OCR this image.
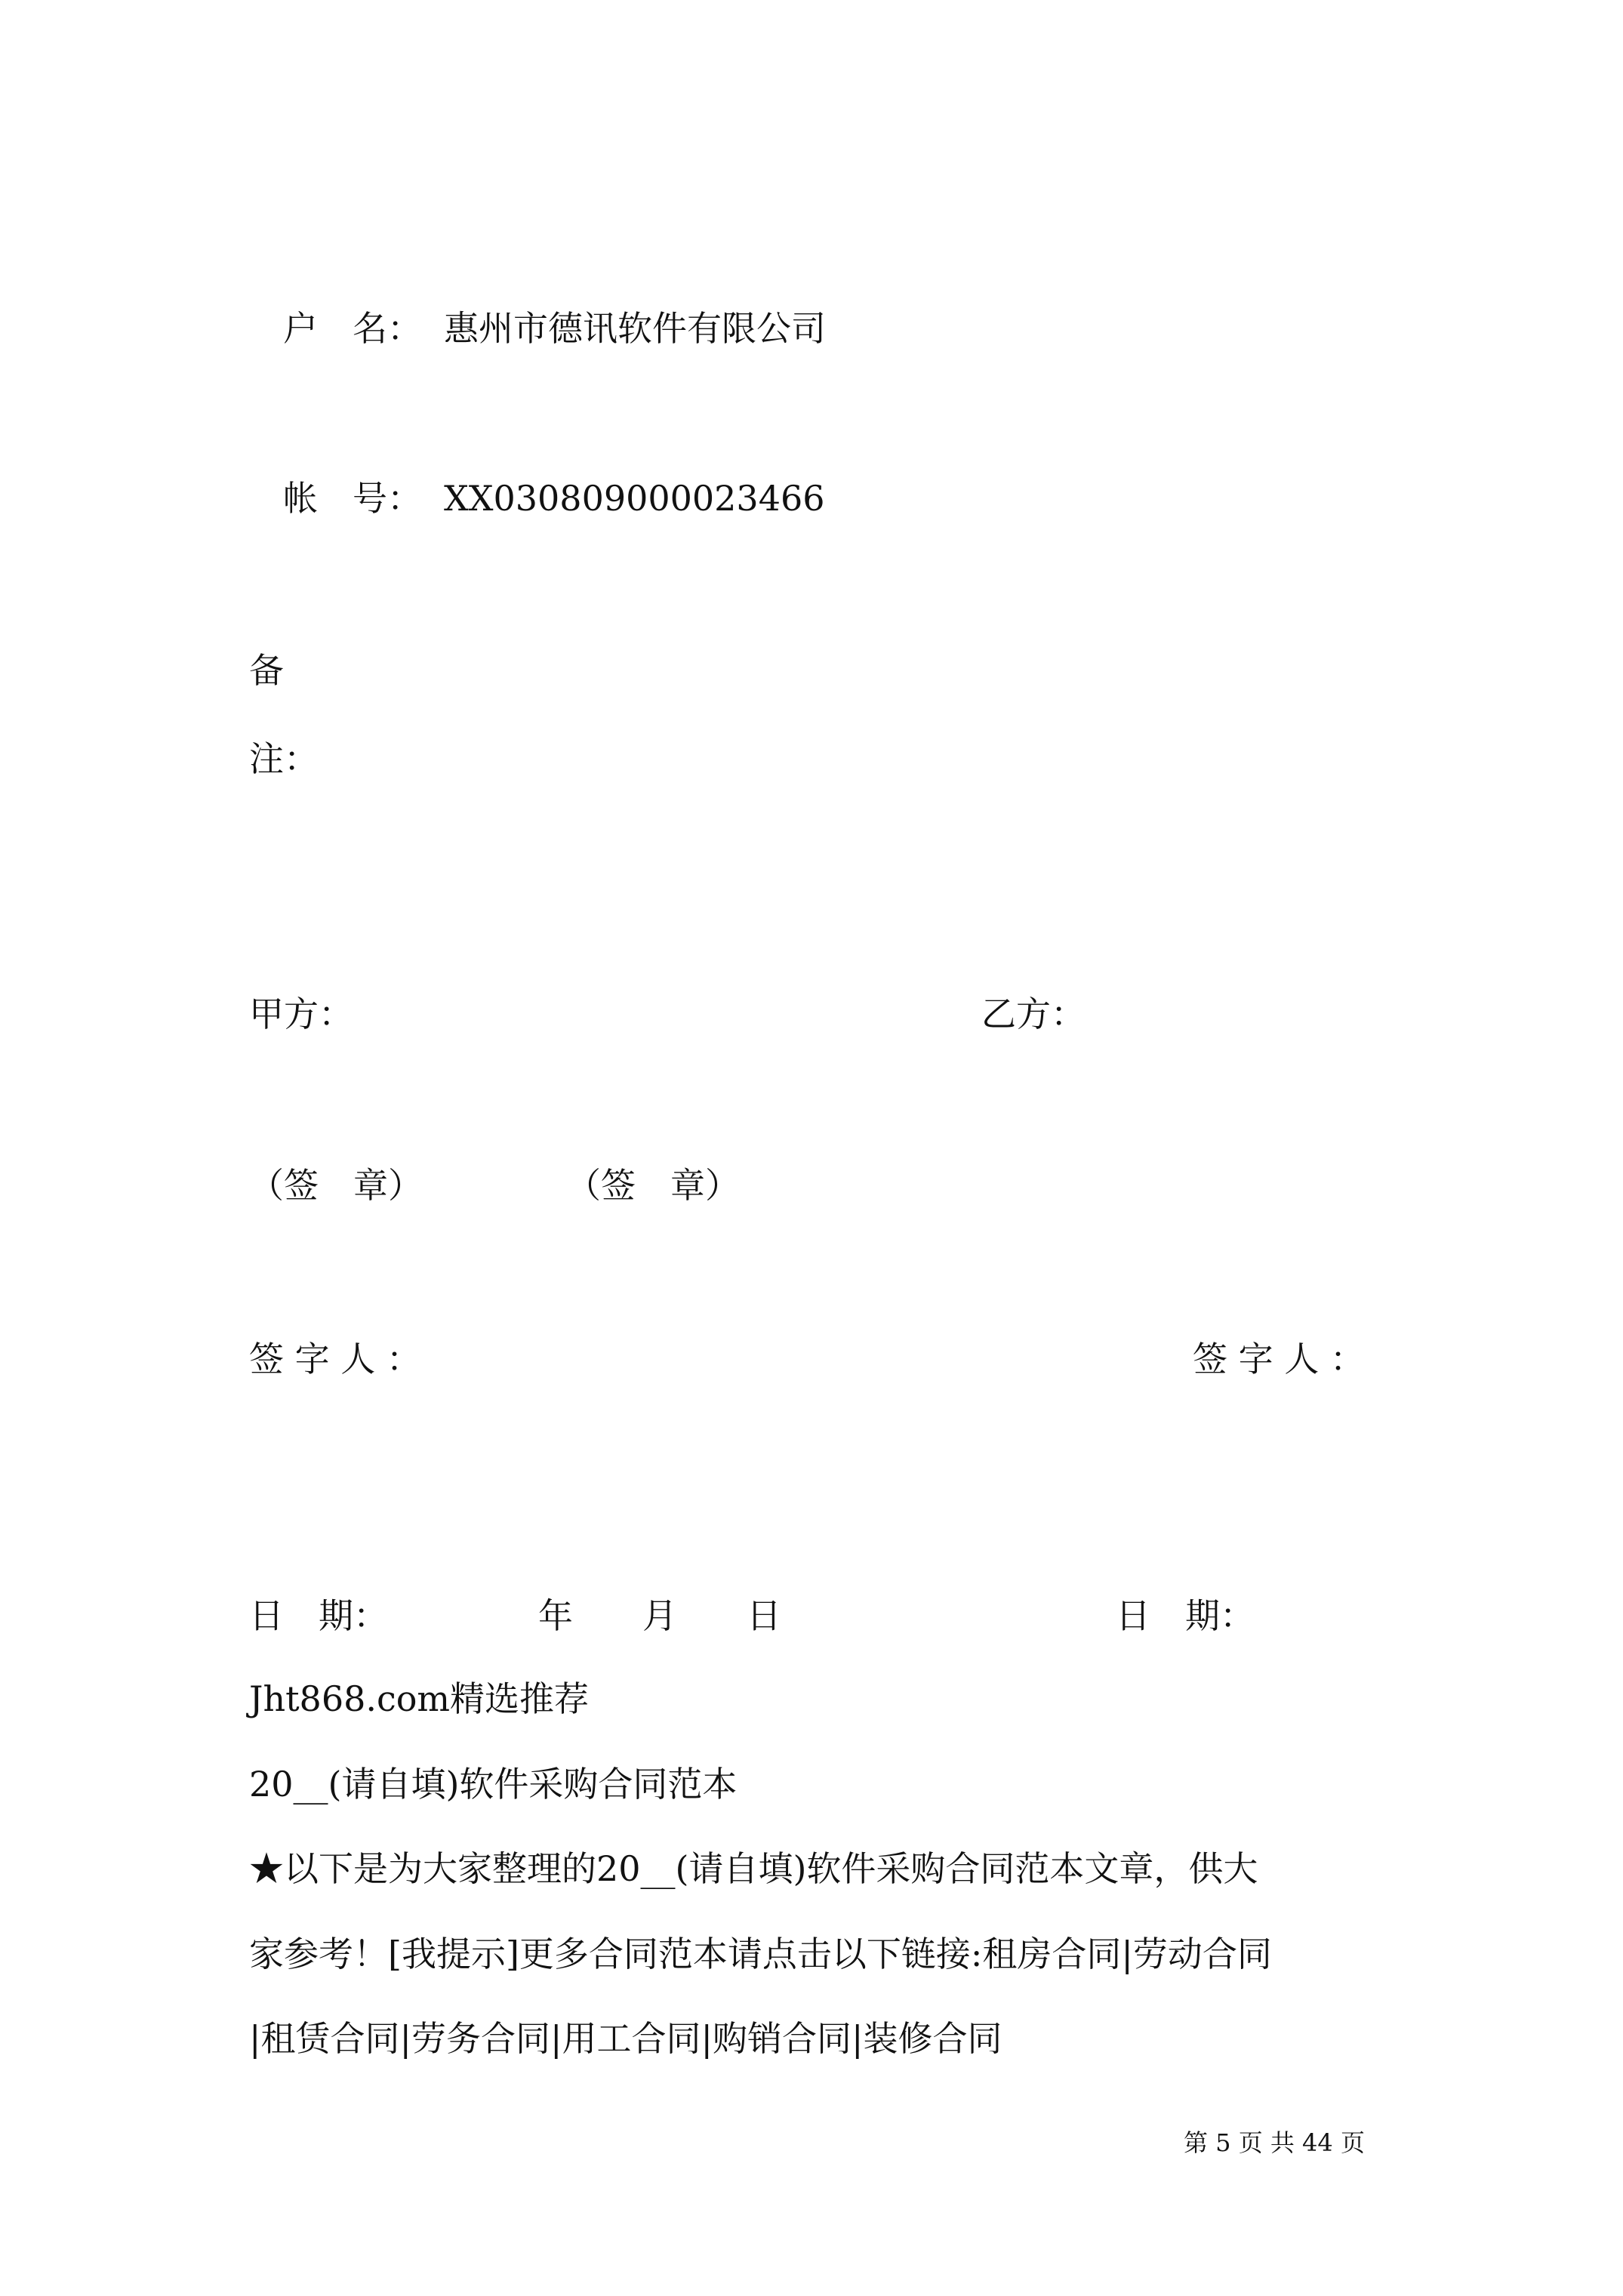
户　名： 惠州市德讯软件有限公司
帐　号： XX030809000023466
备
注：
甲方：	乙方：
（签　章）	（签　章）
签 字 人 ：	签 字 人 ：
日　期：	年　　月　　日	日　期：
Jht868.com精选推荐
20__(请自填)软件采购合同范本
★以下是为大家整理的20__(请自填)软件采购合同范本文章，供大
家参考！[我提示]更多合同范本请点击以下链接:租房合同|劳动合同
|租赁合同|劳务合同|用工合同|购销合同|装修合同
第 5 页 共 44 页
